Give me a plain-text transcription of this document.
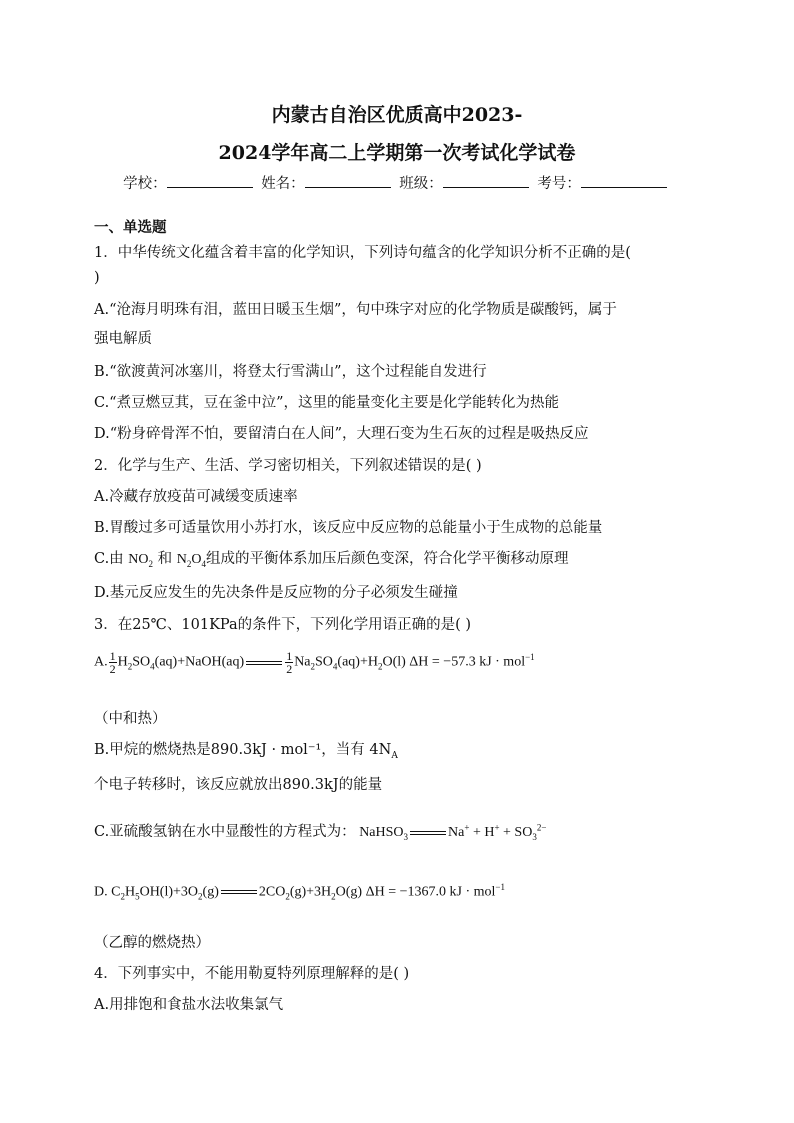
内蒙古自治区优质高中2023-
2024学年高二上学期第一次考试化学试卷
学校：	姓名：	班级：	考号：
一、单选题
1．中华传统文化蕴含着丰富的化学知识，下列诗句蕴含的化学知识分析不正确的是(
)
A.“沧海月明珠有泪，蓝田日暖玉生烟”，句中珠字对应的化学物质是碳酸钙，属于
强电解质
B.“欲渡黄河冰塞川，将登太行雪满山”，这个过程能自发进行
C.“煮豆燃豆萁，豆在釜中泣”，这里的能量变化主要是化学能转化为热能
D.“粉身碎骨浑不怕，要留清白在人间”，大理石变为生石灰的过程是吸热反应
2．化学与生产、生活、学习密切相关，下列叙述错误的是( )
A.冷藏存放疫苗可减缓变质速率
B.胃酸过多可适量饮用小苏打水，该反应中反应物的总能量小于生成物的总能量
C.由 $NO_2$ 和 $N_2O_4$组成的平衡体系加压后颜色变深，符合化学平衡移动原理
D.基元反应发生的先决条件是反应物的分子必须发生碰撞
3．在25℃、101KPa的条件下，下列化学用语正确的是( )
A. $\frac{1}{2}$ $H_2SO_4(aq)+NaOH(aq)$	$\frac{1}{2} Na_2SO_4(aq)+H_2O(l) \Delta H = -57.3$ kJ · mol$^{-1}$
（中和热）
B.甲烷的燃烧热是890.3kJ · mol⁻¹，当有 $4N_A$
个电子转移时，该反应就放出890.3kJ的能量
C.亚硫酸氢钠在水中显酸性的方程式为： NaHSO$_3$	$Na^+ + H^+ + SO_3^{2-}$
D. $C_2H_5OH(l)+3O_2(g)$	$2CO_2(g)+3H_2O(g) \Delta H = -1367.0$ kJ · mol$^{-1}$
（乙醇的燃烧热）
4．下列事实中，不能用勒夏特列原理解释的是( )
A.用排饱和食盐水法收集氯气
